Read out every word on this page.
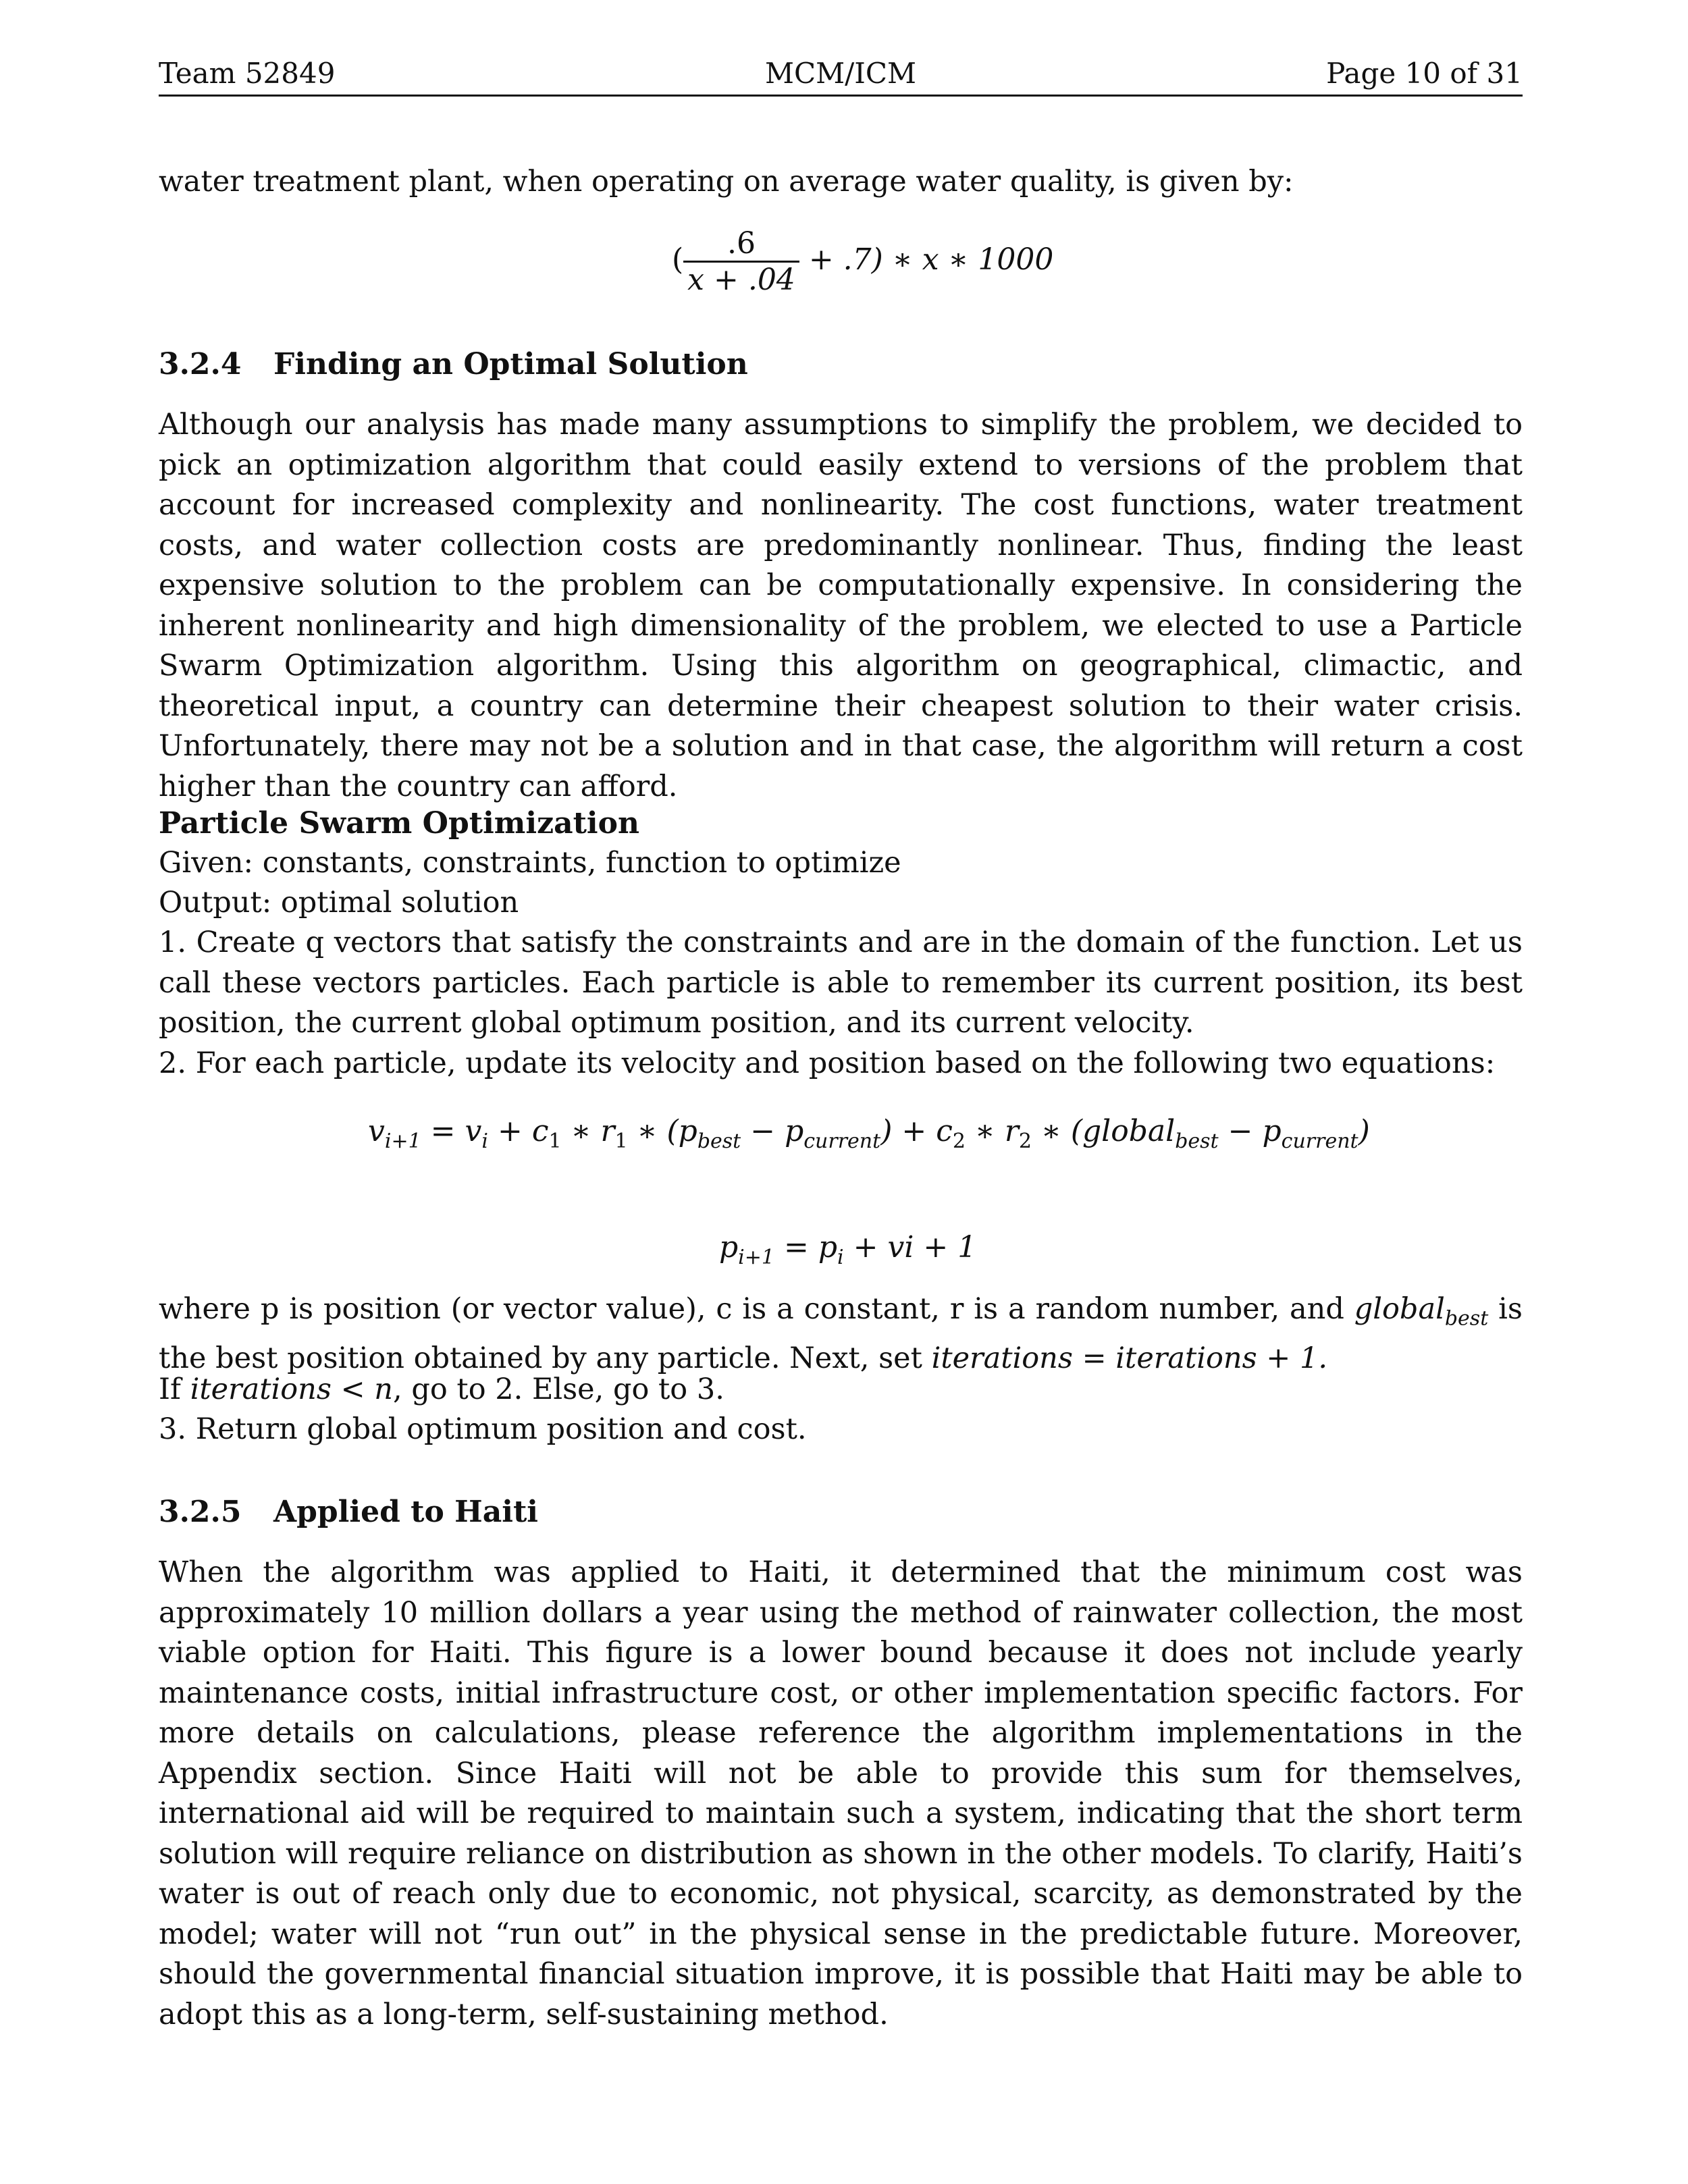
Team 52849	MCM/ICM	Page 10 of 31
water treatment plant, when operating on average water quality, is given by:
( $\frac{.6}{x + .04} + .7$) ∗ x ∗ 1000
3.2.4 Finding an Optimal Solution
Although our analysis has made many assumptions to simplify the problem, we decided to pick an optimization algorithm that could easily extend to versions of the problem that account for increased complexity and nonlinearity. The cost functions, water treatment costs, and water collection costs are predominantly nonlinear. Thus, finding the least expensive solution to the problem can be computationally expensive. In considering the inherent nonlinearity and high dimensionality of the problem, we elected to use a Particle Swarm Optimization algorithm. Using this algorithm on geographical, climactic, and theoretical input, a country can determine their cheapest solution to their water crisis. Unfortunately, there may not be a solution and in that case, the algorithm will return a cost higher than the country can afford.
Particle Swarm Optimization
Given: constants, constraints, function to optimize
Output: optimal solution
1. Create q vectors that satisfy the constraints and are in the domain of the function. Let us call these vectors particles. Each particle is able to remember its current position, its best position, the current global optimum position, and its current velocity.
2. For each particle, update its velocity and position based on the following two equations:
$v_{i+1} = v_i + c_1$ ∗ $r_1$ ∗ $(p_{best} - p_{current}) + c_2$ ∗ $r_2$ ∗ (global$_{best}$ − $p_{current}$)
$p_{i+1} = p_i$ + vi + 1
where p is position (or vector value), c is a constant, r is a random number, and global$_{best}$ is the best position obtained by any particle. Next, set iterations = iterations + 1.
If iterations < n, go to 2. Else, go to 3.
3. Return global optimum position and cost.
3.2.5 Applied to Haiti
When the algorithm was applied to Haiti, it determined that the minimum cost was approximately 10 million dollars a year using the method of rainwater collection, the most viable option for Haiti. This figure is a lower bound because it does not include yearly maintenance costs, initial infrastructure cost, or other implementation specific factors. For more details on calculations, please reference the algorithm implementations in the Appendix section. Since Haiti will not be able to provide this sum for themselves, international aid will be required to maintain such a system, indicating that the short term solution will require reliance on distribution as shown in the other models. To clarify, Haiti’s water is out of reach only due to economic, not physical, scarcity, as demonstrated by the model; water will not “run out” in the physical sense in the predictable future. Moreover, should the governmental financial situation improve, it is possible that Haiti may be able to adopt this as a long-term, self-sustaining method.
